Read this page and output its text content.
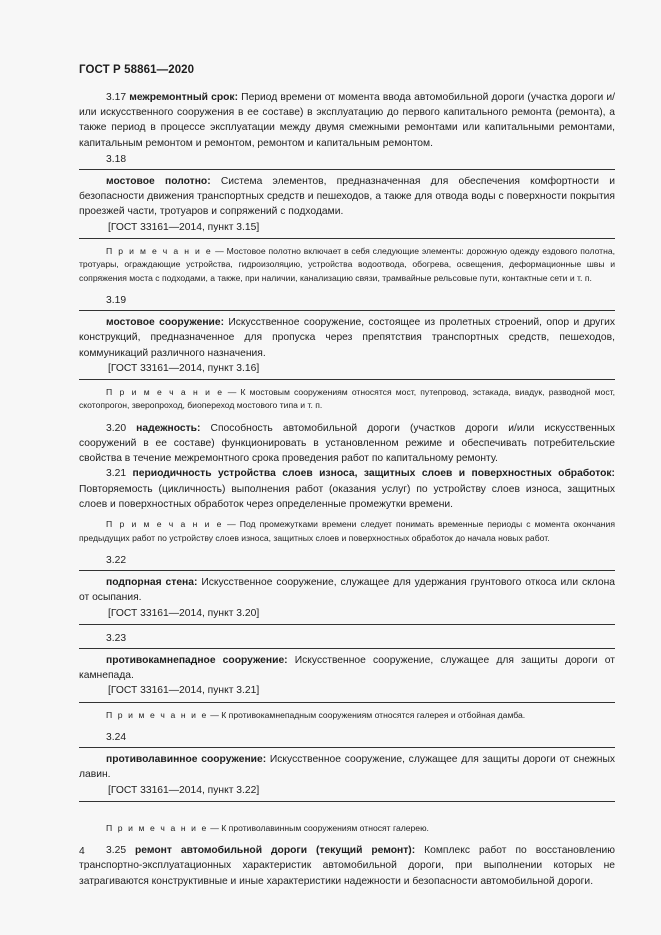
ГОСТ Р 58861—2020

3.17 межремонтный срок: Период времени от момента ввода автомобильной дороги (участка дороги и/или искусственного сооружения в ее составе) в эксплуатацию до первого капитального ремонта (ремонта), а также период в процессе эксплуатации между двумя смежными ремонтами или капитальными ремонтами, капитальным ремонтом и ремонтом, ремонтом и капитальным ремонтом.

3.18

мостовое полотно: Система элементов, предназначенная для обеспечения комфортности и безопасности движения транспортных средств и пешеходов, а также для отвода воды с поверхности покрытия проезжей части, тротуаров и сопряжений с подходами.

[ГОСТ 33161—2014, пункт 3.15]

П р и м е ч а н и е — Мостовое полотно включает в себя следующие элементы: дорожную одежду ездового полотна, тротуары, ограждающие устройства, гидроизоляцию, устройства водоотвода, обогрева, освещения, деформационные швы и сопряжения моста с подходами, а также, при наличии, канализацию связи, трамвайные рельсовые пути, контактные сети и т. п.

3.19

мостовое сооружение: Искусственное сооружение, состоящее из пролетных строений, опор и других конструкций, предназначенное для пропуска через препятствия транспортных средств, пешеходов, коммуникаций различного назначения.

[ГОСТ 33161—2014, пункт 3.16]

П р и м е ч а н и е — К мостовым сооружениям относятся мост, путепровод, эстакада, виадук, разводной мост, скотопрогон, зверопроход, биопереход мостового типа и т. п.

3.20 надежность: Способность автомобильной дороги (участков дороги и/или искусственных сооружений в ее составе) функционировать в установленном режиме и обеспечивать потребительские свойства в течение межремонтного срока проведения работ по капитальному ремонту.

3.21 периодичность устройства слоев износа, защитных слоев и поверхностных обработок: Повторяемость (цикличность) выполнения работ (оказания услуг) по устройству слоев износа, защитных слоев и поверхностных обработок через определенные промежутки времени.

П р и м е ч а н и е — Под промежутками времени следует понимать временные периоды с момента окончания предыдущих работ по устройству слоев износа, защитных слоев и поверхностных обработок до начала новых работ.

3.22

подпорная стена: Искусственное сооружение, служащее для удержания грунтового откоса или склона от осыпания.

[ГОСТ 33161—2014, пункт 3.20]

3.23

противокамнепадное сооружение: Искусственное сооружение, служащее для защиты дороги от камнепада.

[ГОСТ 33161—2014, пункт 3.21]

П р и м е ч а н и е — К противокамнепадным сооружениям относятся галерея и отбойная дамба.

3.24

противолавинное сооружение: Искусственное сооружение, служащее для защиты дороги от снежных лавин.

[ГОСТ 33161—2014, пункт 3.22]

П р и м е ч а н и е — К противолавинным сооружениям относят галерею.

3.25 ремонт автомобильной дороги (текущий ремонт): Комплекс работ по восстановлению транспортно-эксплуатационных характеристик автомобильной дороги, при выполнении которых не затрагиваются конструктивные и иные характеристики надежности и безопасности автомобильной дороги.

4
